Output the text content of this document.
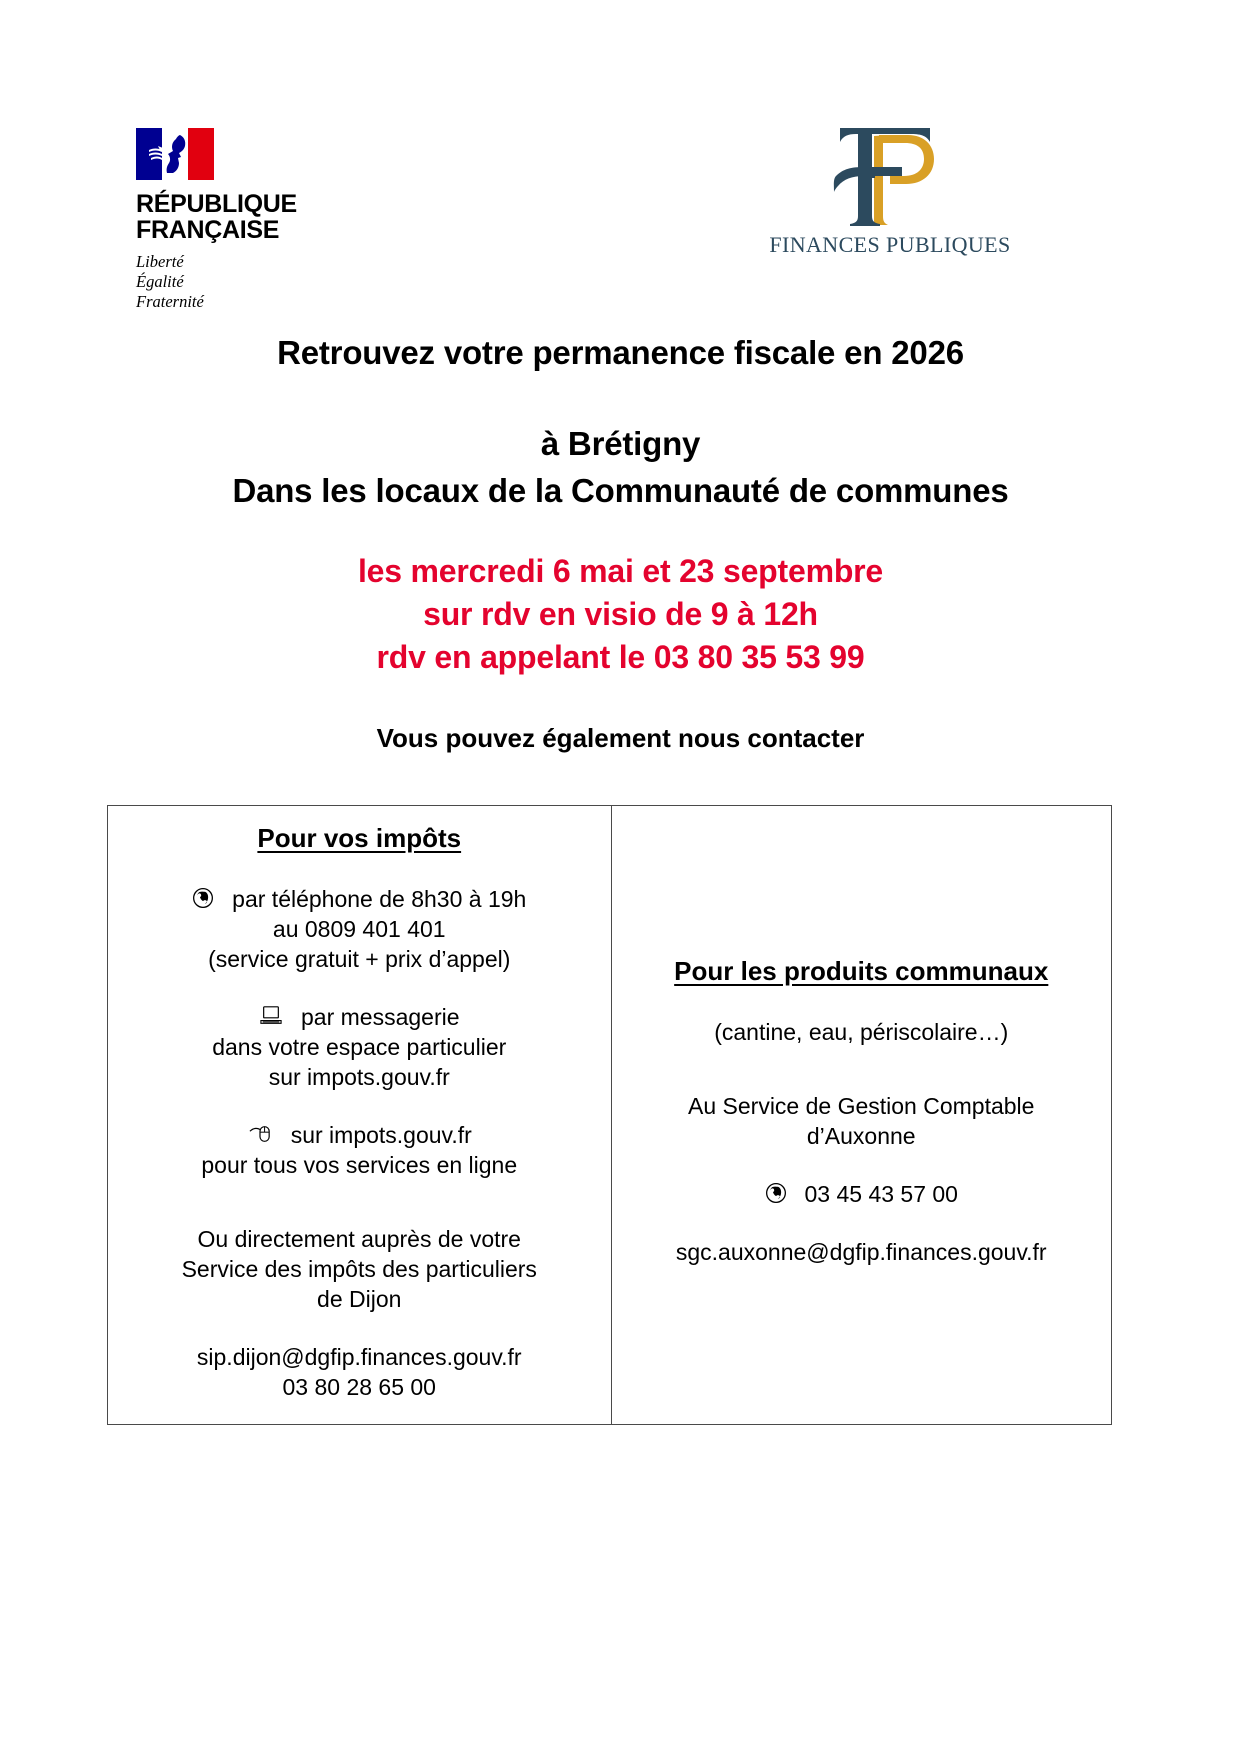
RÉPUBLIQUE
FRANÇAISE
Liberté
Égalité
Fraternité
FINANCES PUBLIQUES
Retrouvez votre permanence fiscale en 2026
à Brétigny
Dans les locaux de la Communauté de communes
les mercredi 6 mai et 23 septembre
sur rdv en visio de 9 à 12h
rdv en appelant le 03 80 35 53 99
Vous pouvez également nous contacter
Pour vos impôts
par téléphone de 8h30 à 19h
au 0809 401 401
(service gratuit + prix d’appel)
par messagerie
dans votre espace particulier
sur impots.gouv.fr
sur impots.gouv.fr
pour tous vos services en ligne
Ou directement auprès de votre
Service des impôts des particuliers
de Dijon
sip.dijon@dgfip.finances.gouv.fr
03 80 28 65 00
Pour les produits communaux
(cantine, eau, périscolaire…)
Au Service de Gestion Comptable
d’Auxonne
03 45 43 57 00
sgc.auxonne@dgfip.finances.gouv.fr
